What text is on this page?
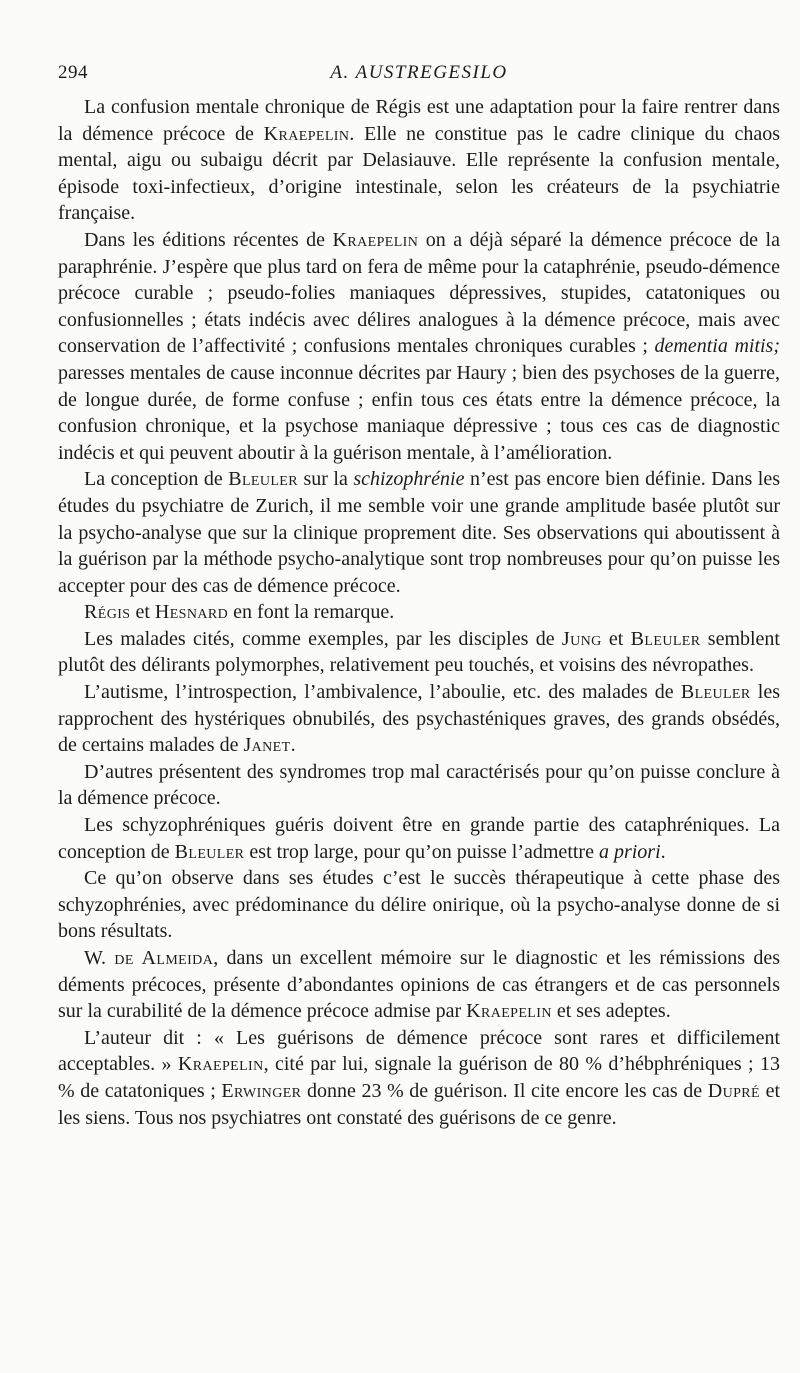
294	A. AUSTREGESILO

La confusion mentale chronique de Régis est une adaptation pour la faire rentrer dans la démence précoce de Kraepelin. Elle ne constitue pas le cadre clinique du chaos mental, aigu ou subaigu décrit par Delasiauve. Elle représente la confusion mentale, épisode toxi-infectieux, d’origine intestinale, selon les créateurs de la psychiatrie française.

Dans les éditions récentes de Kraepelin on a déjà séparé la démence précoce de la paraphrénie. J’espère que plus tard on fera de même pour la cataphrénie, pseudo-démence précoce curable ; pseudo-folies maniaques dépressives, stupides, catatoniques ou confusionnelles ; états indécis avec délires analogues à la démence précoce, mais avec conservation de l’affectivité ; confusions mentales chroniques curables ; dementia mitis; paresses mentales de cause inconnue décrites par Haury ; bien des psychoses de la guerre, de longue durée, de forme confuse ; enfin tous ces états entre la démence précoce, la confusion chronique, et la psychose maniaque dépressive ; tous ces cas de diagnostic indécis et qui peuvent aboutir à la guérison mentale, à l’amélioration.

La conception de Bleuler sur la schizophrénie n’est pas encore bien définie. Dans les études du psychiatre de Zurich, il me semble voir une grande amplitude basée plutôt sur la psycho-analyse que sur la clinique proprement dite. Ses observations qui aboutissent à la guérison par la méthode psycho-analytique sont trop nombreuses pour qu’on puisse les accepter pour des cas de démence précoce.

Régis et Hesnard en font la remarque.

Les malades cités, comme exemples, par les disciples de Jung et Bleuler semblent plutôt des délirants polymorphes, relativement peu touchés, et voisins des névropathes.

L’autisme, l’introspection, l’ambivalence, l’aboulie, etc. des malades de Bleuler les rapprochent des hystériques obnubilés, des psychasténiques graves, des grands obsédés, de certains malades de Janet.

D’autres présentent des syndromes trop mal caractérisés pour qu’on puisse conclure à la démence précoce.

Les schyzophréniques guéris doivent être en grande partie des cataphréniques. La conception de Bleuler est trop large, pour qu’on puisse l’admettre a priori.

Ce qu’on observe dans ses études c’est le succès thérapeutique à cette phase des schyzophrénies, avec prédominance du délire onirique, où la psycho-analyse donne de si bons résultats.

W. de Almeida, dans un excellent mémoire sur le diagnostic et les rémissions des déments précoces, présente d’abondantes opinions de cas étrangers et de cas personnels sur la curabilité de la démence précoce admise par Kraepelin et ses adeptes.

L’auteur dit : « Les guérisons de démence précoce sont rares et difficilement acceptables. » Kraepelin, cité par lui, signale la guérison de 80 % d’hébphréniques ; 13 % de catatoniques ; Erwinger donne 23 % de guérison. Il cite encore les cas de Dupré et les siens. Tous nos psychiatres ont constaté des guérisons de ce genre.
